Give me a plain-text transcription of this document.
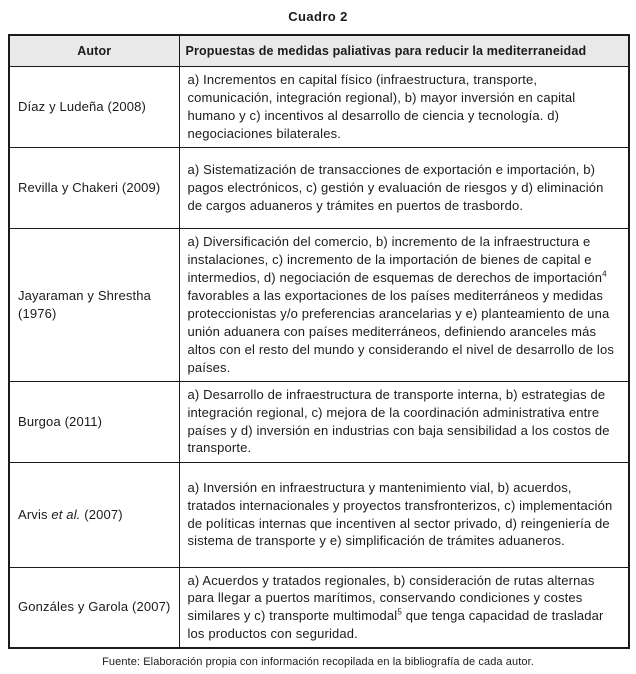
Cuadro 2
Autor	Propuestas de medidas paliativas para reducir la mediterraneidad
Díaz y Ludeña (2008)	a) Incrementos en capital físico (infraestructura, transporte, comunicación, integración regional), b) mayor inversión en capital humano y c) incentivos al desarrollo de ciencia y tecnología. d) negociaciones bilaterales.
Revilla y Chakeri (2009)	a) Sistematización de transacciones de exportación e importación, b) pagos electrónicos, c) gestión y evaluación de riesgos y d) eliminación de cargos aduaneros y trámites en puertos de trasbordo.
Jayaraman y Shrestha (1976)	a) Diversificación del comercio, b) incremento de la infraestructura e instalaciones, c) incremento de la importación de bienes de capital e intermedios, d) negociación de esquemas de derechos de importación$^4$ favorables a las exportaciones de los países mediterráneos y medidas proteccionistas y/o preferencias arancelarias y e) planteamiento de una unión aduanera con países mediterráneos, definiendo aranceles más altos con el resto del mundo y considerando el nivel de desarrollo de los países.
Burgoa (2011)	a) Desarrollo de infraestructura de transporte interna, b) estrategias de integración regional, c) mejora de la coordinación administrativa entre países y d) inversión en industrias con baja sensibilidad a los costos de transporte.
Arvis et al. (2007)	a) Inversión en infraestructura y mantenimiento vial, b) acuerdos, tratados internacionales y proyectos transfronterizos, c) implementación de políticas internas que incentiven al sector privado, d) reingeniería de sistema de transporte y e) simplificación de trámites aduaneros.
Gonzáles y Garola (2007)	a) Acuerdos y tratados regionales, b) consideración de rutas alternas para llegar a puertos marítimos, conservando condiciones y costes similares y c) transporte multimodal$^5$ que tenga capacidad de trasladar los productos con seguridad.
Fuente: Elaboración propia con información recopilada en la bibliografía de cada autor.
